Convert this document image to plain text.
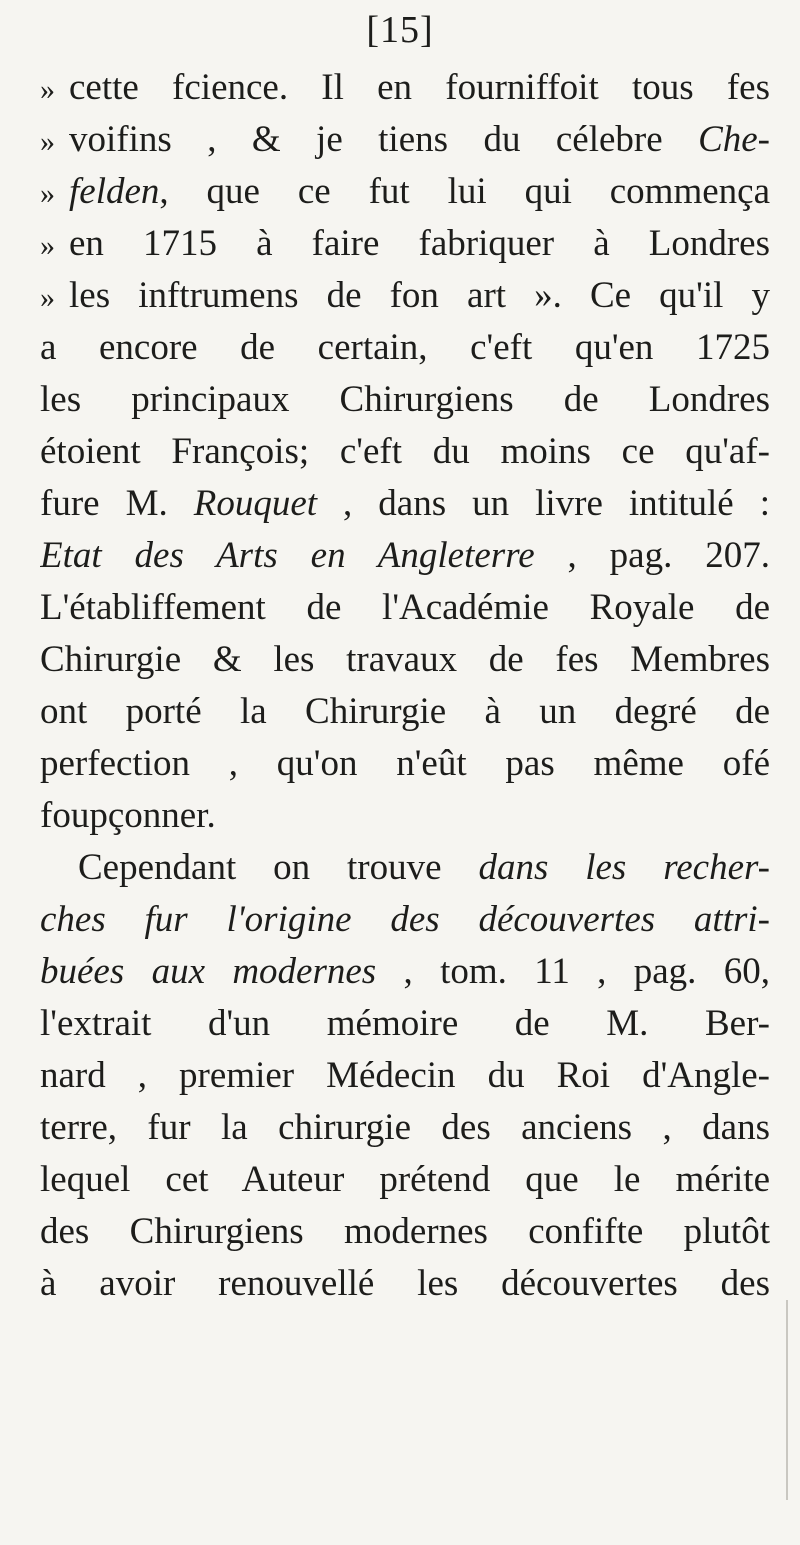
[15]
» cette fcience. Il en fourniffoit tous fes
» voifins , & je tiens du célebre Che-
» felden, que ce fut lui qui commença
» en 1715 à faire fabriquer à Londres
» les inftrumens de fon art ». Ce qu'il y
a encore de certain, c'eft qu'en 1725
les principaux Chirurgiens de Londres
étoient François; c'eft du moins ce qu'af-
fure M. Rouquet , dans un livre intitulé :
Etat des Arts en Angleterre , pag. 207.
L'établiffement de l'Académie Royale de
Chirurgie & les travaux de fes Membres
ont porté la Chirurgie à un degré de
perfection , qu'on n'eût pas même ofé
foupçonner.
Cependant on trouve dans les recher-
ches fur l'origine des découvertes attri-
buées aux modernes , tom. 11 , pag. 60,
l'extrait d'un mémoire de M. Ber-
nard , premier Médecin du Roi d'Angle-
terre, fur la chirurgie des anciens , dans
lequel cet Auteur prétend que le mérite
des Chirurgiens modernes confifte plutôt
à avoir renouvellé les découvertes des
